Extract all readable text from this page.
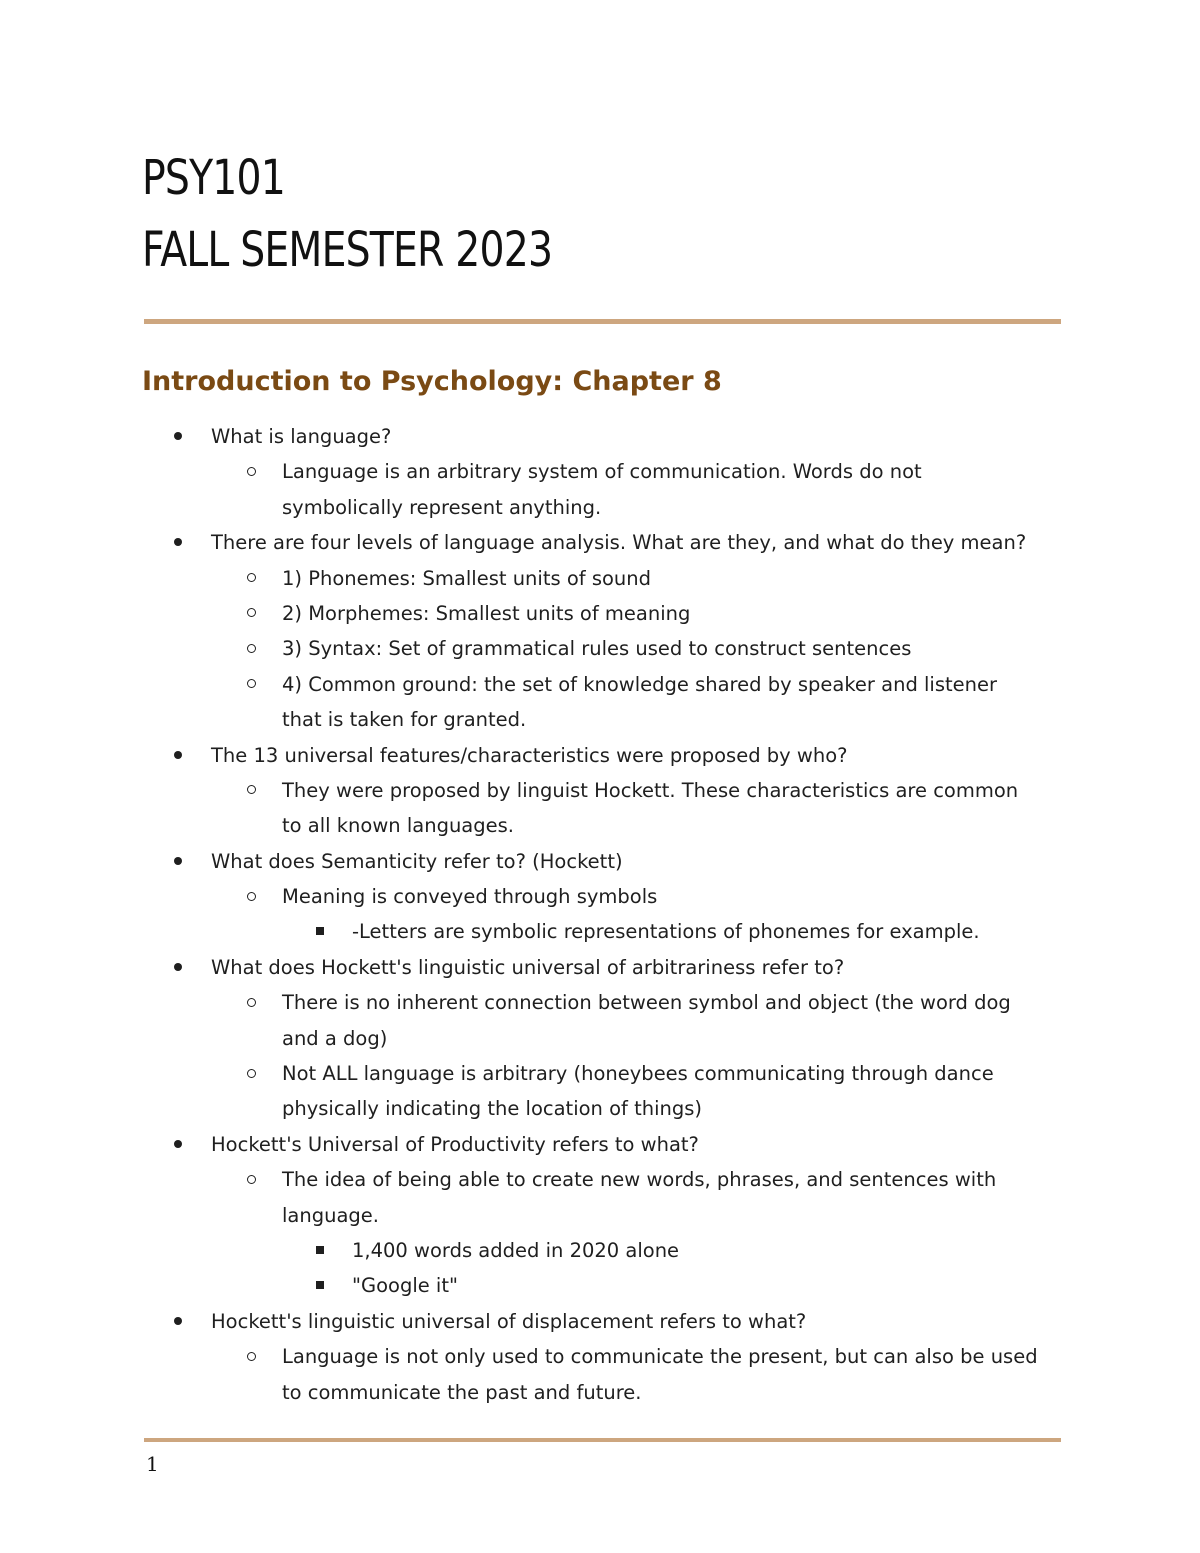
PSY101
FALL SEMESTER 2023
Introduction to Psychology: Chapter 8
What is language?
Language is an arbitrary system of communication. Words do not
symbolically represent anything.
There are four levels of language analysis. What are they, and what do they mean?
1) Phonemes: Smallest units of sound
2) Morphemes: Smallest units of meaning
3) Syntax: Set of grammatical rules used to construct sentences
4) Common ground: the set of knowledge shared by speaker and listener
that is taken for granted.
The 13 universal features/characteristics were proposed by who?
They were proposed by linguist Hockett. These characteristics are common
to all known languages.
What does Semanticity refer to? (Hockett)
Meaning is conveyed through symbols
-Letters are symbolic representations of phonemes for example.
What does Hockett's linguistic universal of arbitrariness refer to?
There is no inherent connection between symbol and object (the word dog
and a dog)
Not ALL language is arbitrary (honeybees communicating through dance
physically indicating the location of things)
Hockett's Universal of Productivity refers to what?
The idea of being able to create new words, phrases, and sentences with
language.
1,400 words added in 2020 alone
"Google it"
Hockett's linguistic universal of displacement refers to what?
Language is not only used to communicate the present, but can also be used
to communicate the past and future.
1
